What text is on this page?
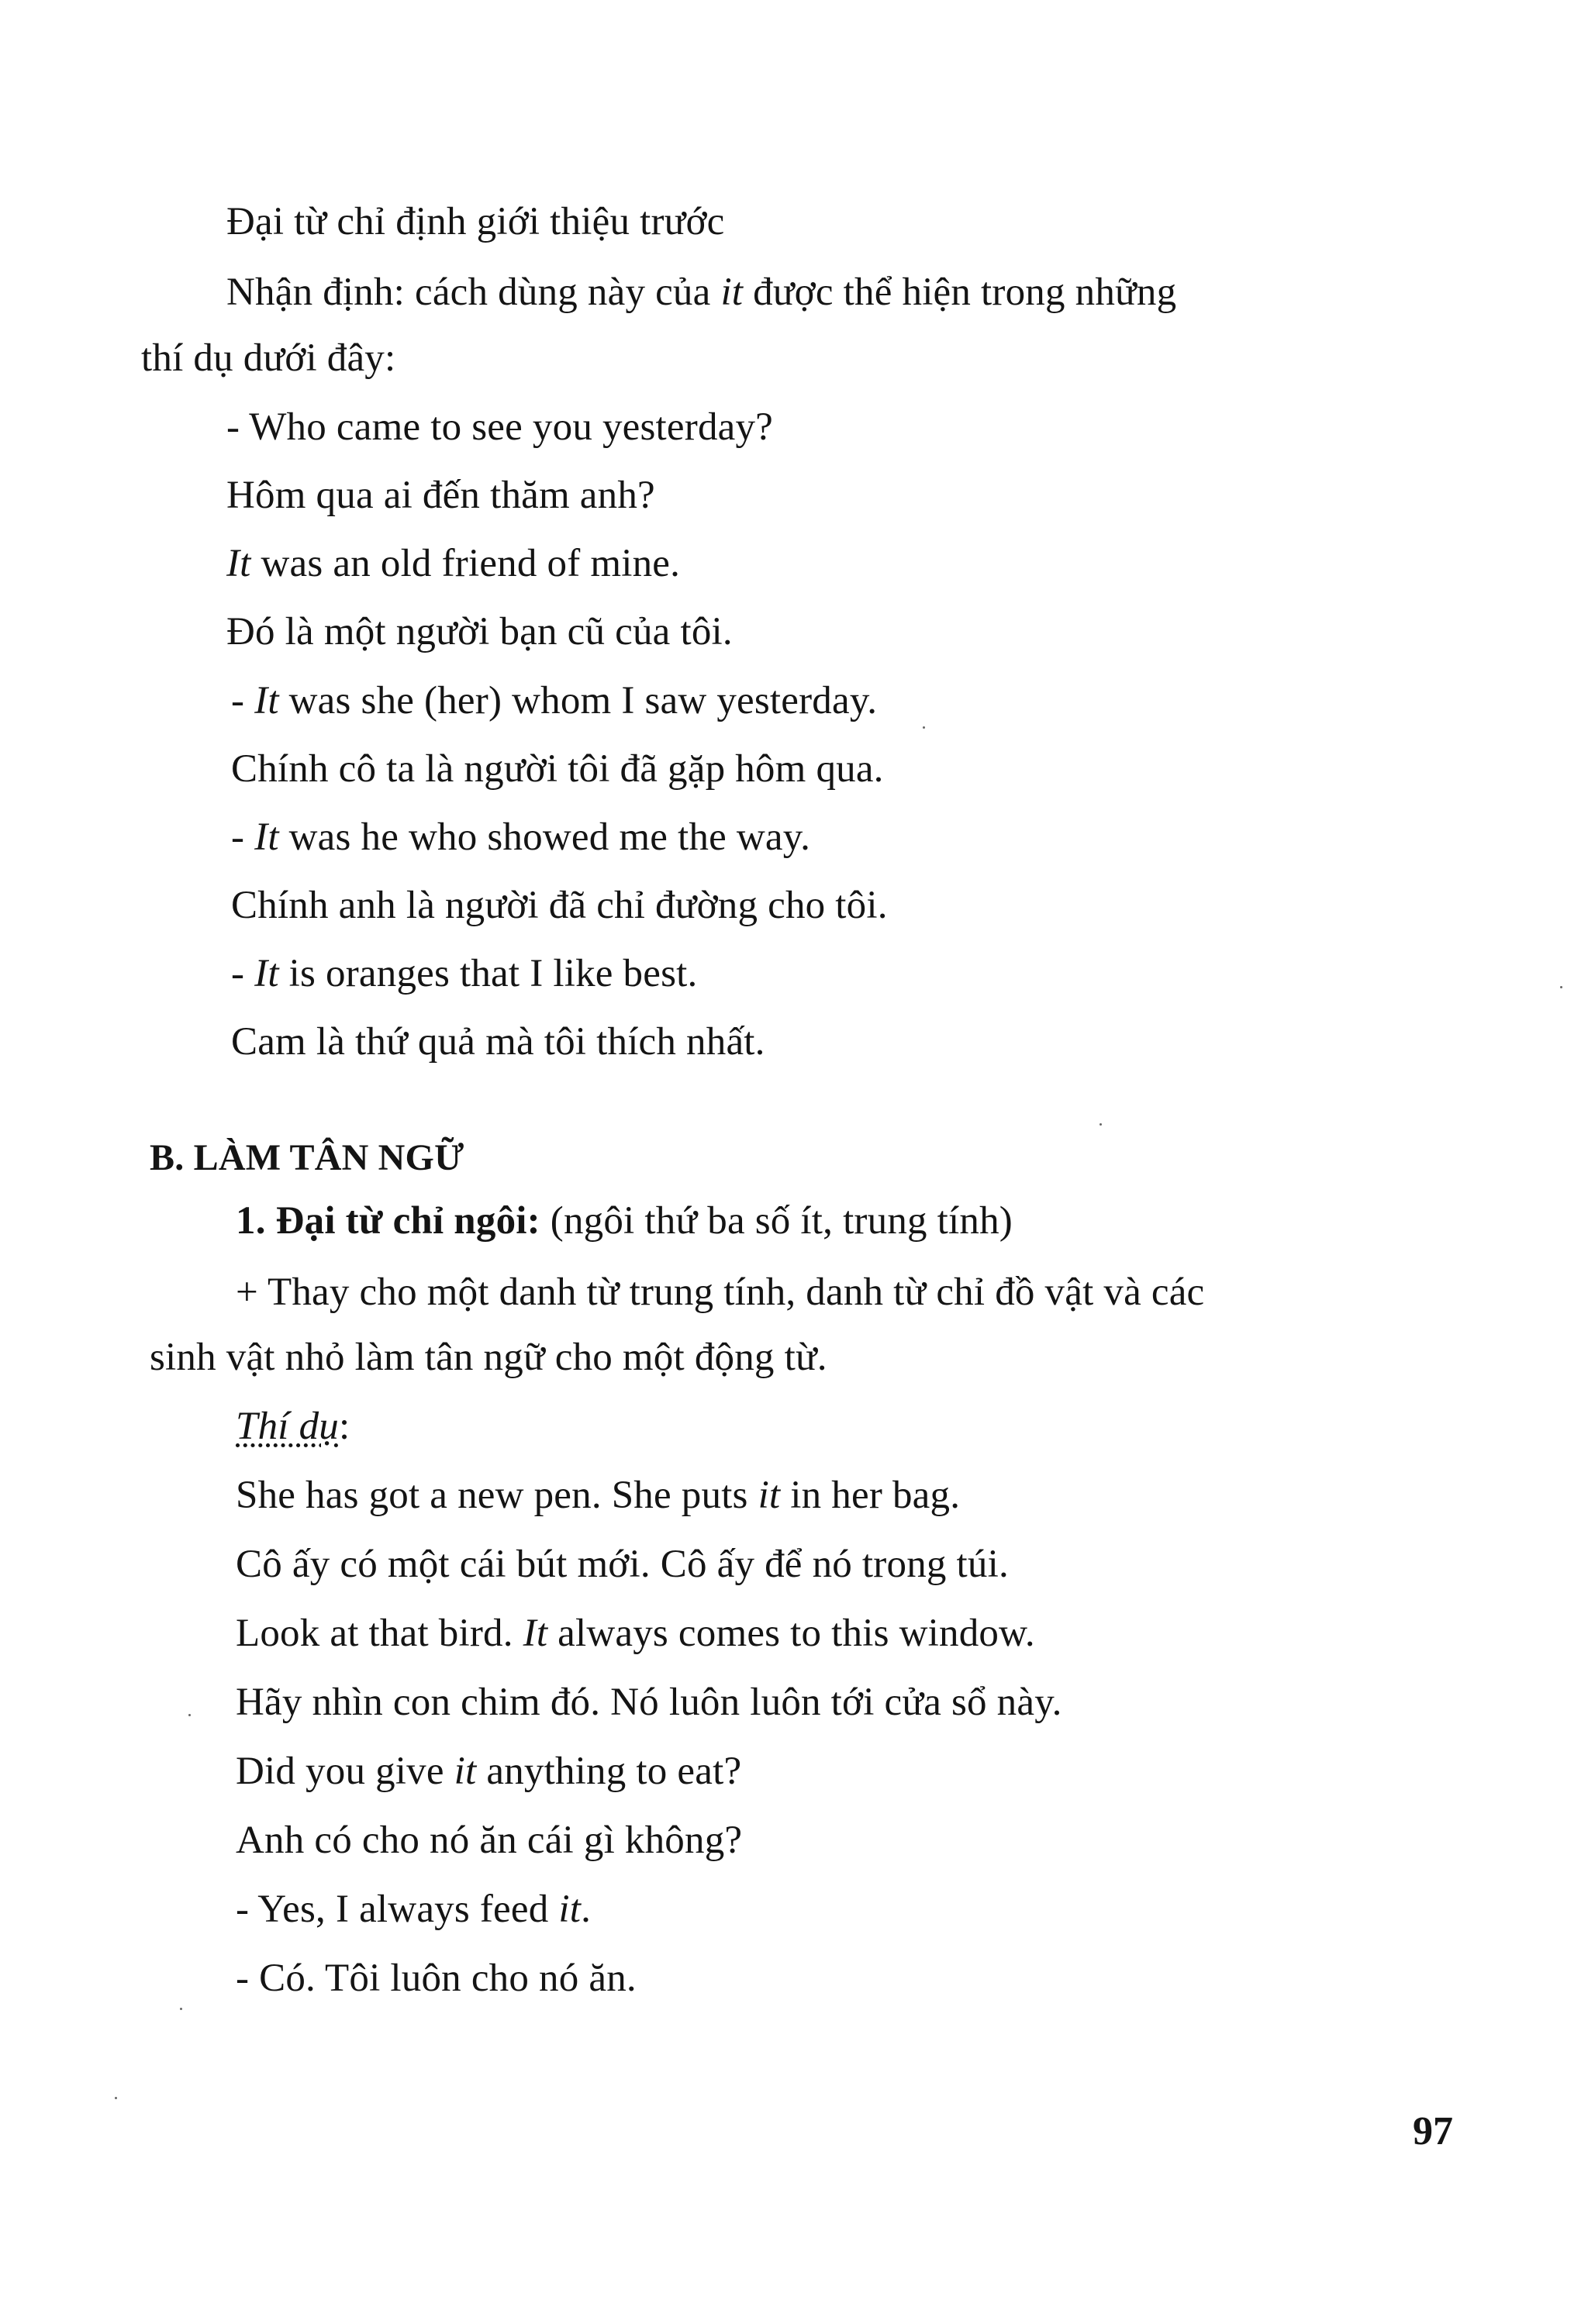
Đại từ chỉ định giới thiệu trước
Nhận định: cách dùng này của it được thể hiện trong những
thí dụ dưới đây:
- Who came to see you yesterday?
Hôm qua ai đến thăm anh?
It was an old friend of mine.
Đó là một người bạn cũ của tôi.
- It was she (her) whom I saw yesterday.
Chính cô ta là người tôi đã gặp hôm qua.
- It was he who showed me the way.
Chính anh là người đã chỉ đường cho tôi.
- It is oranges that I like best.
Cam là thứ quả mà tôi thích nhất.
B. LÀM TÂN NGỮ
1. Đại từ chỉ ngôi: (ngôi thứ ba số ít, trung tính)
+ Thay cho một danh từ trung tính, danh từ chỉ đồ vật và các
sinh vật nhỏ làm tân ngữ cho một động từ.
Thí dụ:
She has got a new pen. She puts it in her bag.
Cô ấy có một cái bút mới. Cô ấy để nó trong túi.
Look at that bird. It always comes to this window.
Hãy nhìn con chim đó. Nó luôn luôn tới cửa sổ này.
Did you give it anything to eat?
Anh có cho nó ăn cái gì không?
- Yes, I always feed it.
- Có. Tôi luôn cho nó ăn.
97
